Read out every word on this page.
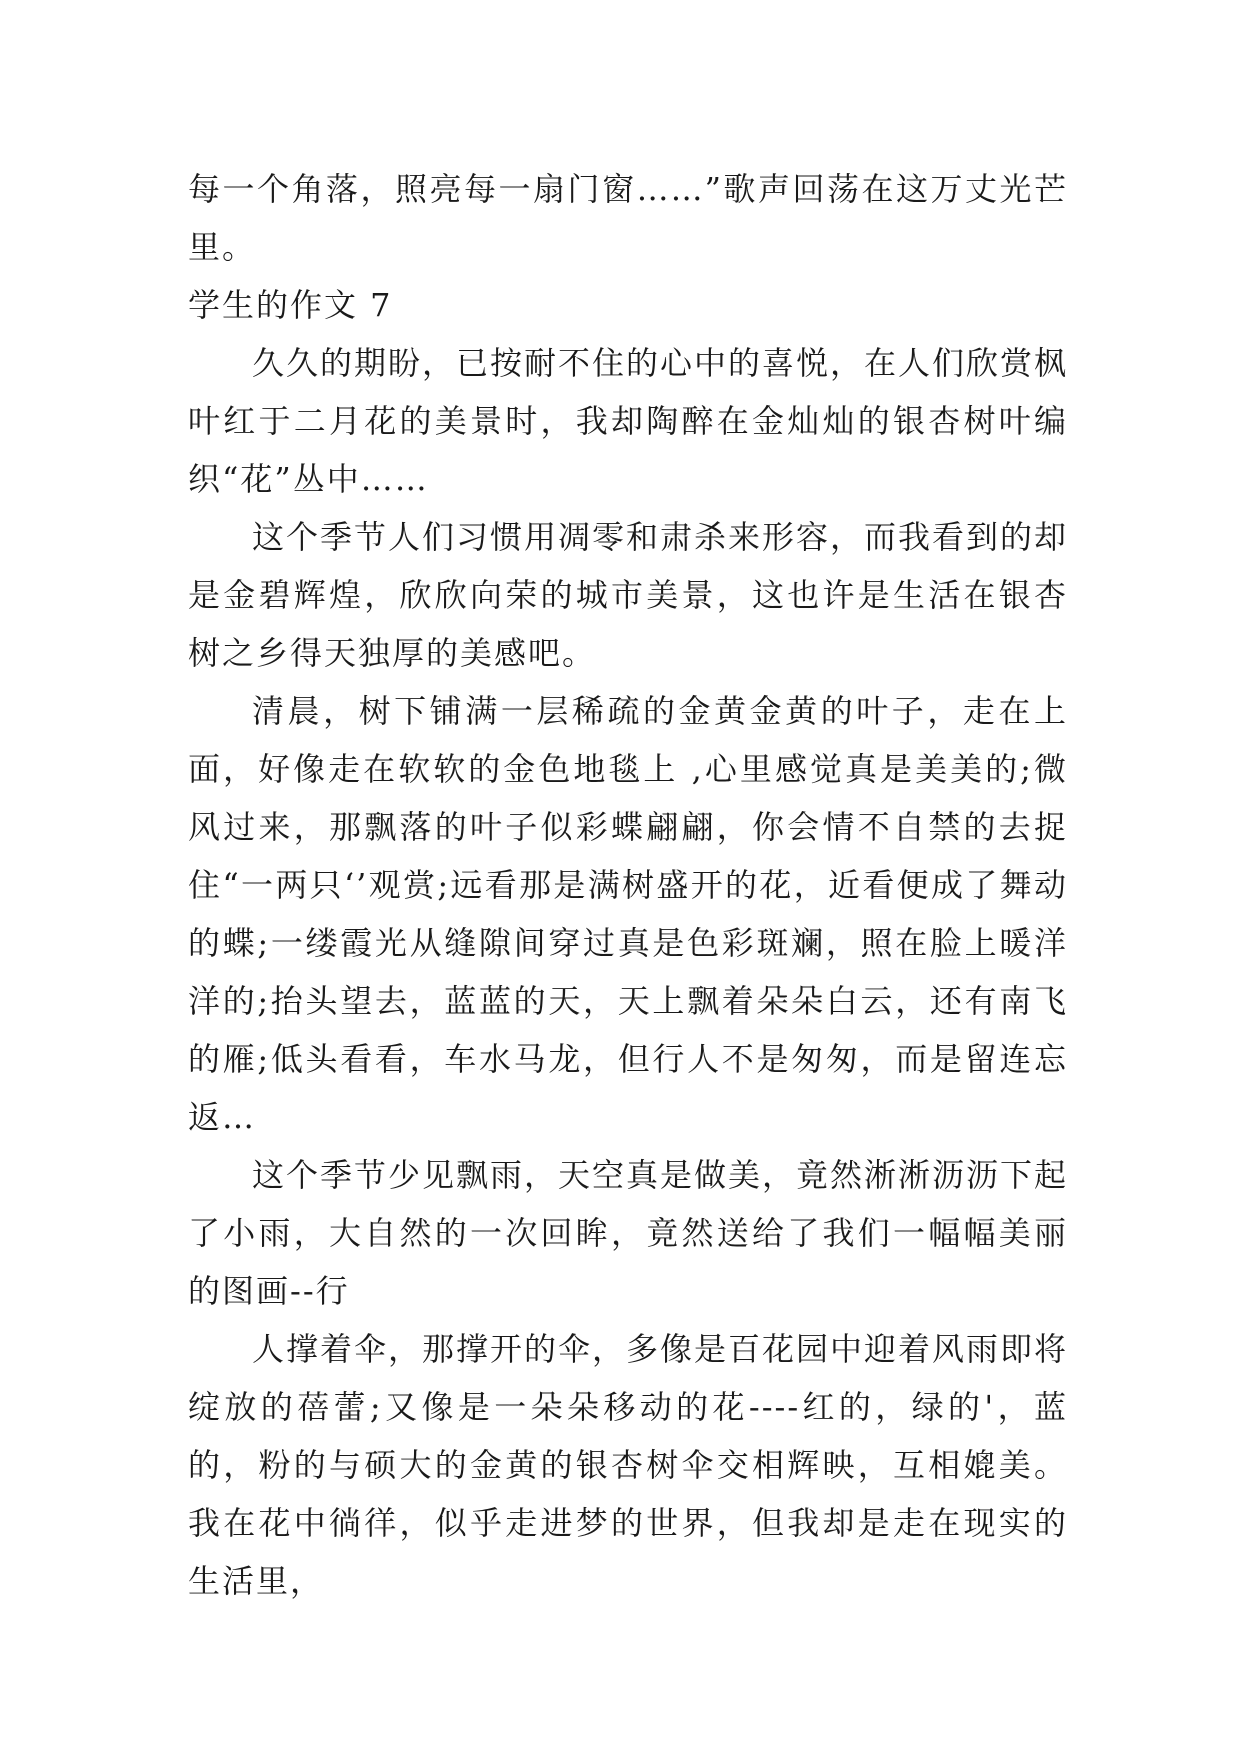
每一个角落，照亮每一扇门窗……”歌声回荡在这万丈光芒里。

学生的作文 7

久久的期盼，已按耐不住的心中的喜悦，在人们欣赏枫叶红于二月花的美景时，我却陶醉在金灿灿的银杏树叶编织“花”丛中……

这个季节人们习惯用凋零和肃杀来形容，而我看到的却是金碧辉煌，欣欣向荣的城市美景，这也许是生活在银杏树之乡得天独厚的美感吧。

清晨，树下铺满一层稀疏的金黄金黄的叶子，走在上面，好像走在软软的金色地毯上 ,心里感觉真是美美的;微风过来，那飘落的叶子似彩蝶翩翩，你会情不自禁的去捉住“一两只‘’观赏;远看那是满树盛开的花，近看便成了舞动的蝶;一缕霞光从缝隙间穿过真是色彩斑斓，照在脸上暖洋洋的;抬头望去，蓝蓝的天，天上飘着朵朵白云，还有南飞的雁;低头看看，车水马龙，但行人不是匆匆，而是留连忘返…

这个季节少见飘雨，天空真是做美，竟然淅淅沥沥下起了小雨，大自然的一次回眸，竟然送给了我们一幅幅美丽的图画--行

人撑着伞，那撑开的伞，多像是百花园中迎着风雨即将绽放的蓓蕾;又像是一朵朵移动的花----红的，绿的'，蓝的，粉的与硕大的金黄的银杏树伞交相辉映，互相媲美。我在花中徜徉，似乎走进梦的世界，但我却是走在现实的生活里，
